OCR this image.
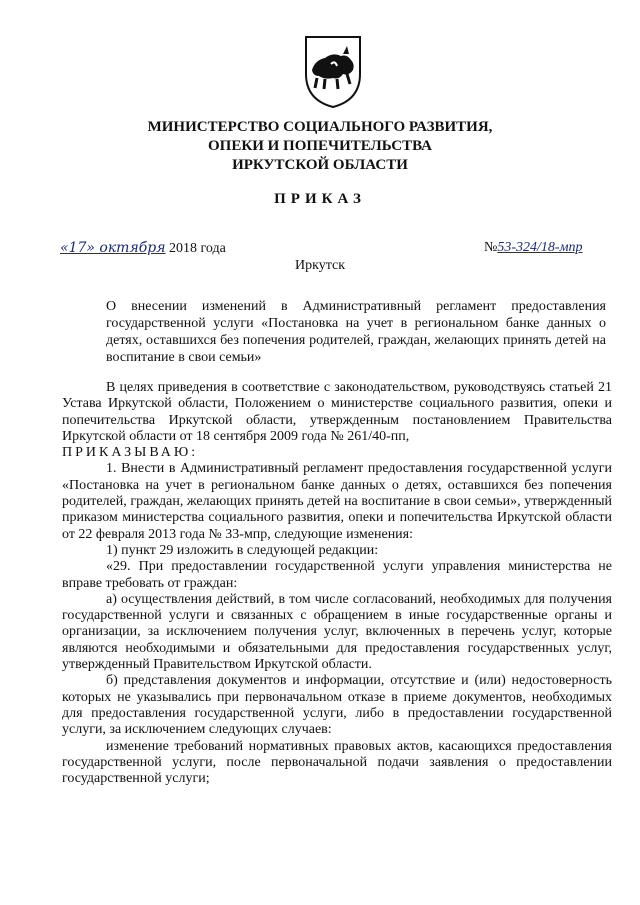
МИНИСТЕРСТВО СОЦИАЛЬНОГО РАЗВИТИЯ,
ОПЕКИ И ПОПЕЧИТЕЛЬСТВА
ИРКУТСКОЙ ОБЛАСТИ
ПРИКАЗ
«17» октября 2018 года	№53-324/18-мпр
Иркутск
О внесении изменений в Административный регламент предоставления государственной услуги «Постановка на учет в региональном банке данных о детях, оставшихся без попечения родителей, граждан, желающих принять детей на воспитание в свои семьи»

В целях приведения в соответствие с законодательством, руководствуясь статьей 21 Устава Иркутской области, Положением о министерстве социального развития, опеки и попечительства Иркутской области, утвержденным постановлением Правительства Иркутской области от 18 сентября 2009 года № 261/40-пп,

ПРИКАЗЫВАЮ:

1. Внести в Административный регламент предоставления государственной услуги «Постановка на учет в региональном банке данных о детях, оставшихся без попечения родителей, граждан, желающих принять детей на воспитание в свои семьи», утвержденный приказом министерства социального развития, опеки и попечительства Иркутской области от 22 февраля 2013 года № 33-мпр, следующие изменения:

1) пункт 29 изложить в следующей редакции:

«29. При предоставлении государственной услуги управления министерства не вправе требовать от граждан:

а) осуществления действий, в том числе согласований, необходимых для получения государственной услуги и связанных с обращением в иные государственные органы и организации, за исключением получения услуг, включенных в перечень услуг, которые являются необходимыми и обязательными для предоставления государственных услуг, утвержденный Правительством Иркутской области.

б) представления документов и информации, отсутствие и (или) недостоверность которых не указывались при первоначальном отказе в приеме документов, необходимых для предоставления государственной услуги, либо в предоставлении государственной услуги, за исключением следующих случаев:

изменение требований нормативных правовых актов, касающихся предоставления государственной услуги, после первоначальной подачи заявления о предоставлении государственной услуги;
